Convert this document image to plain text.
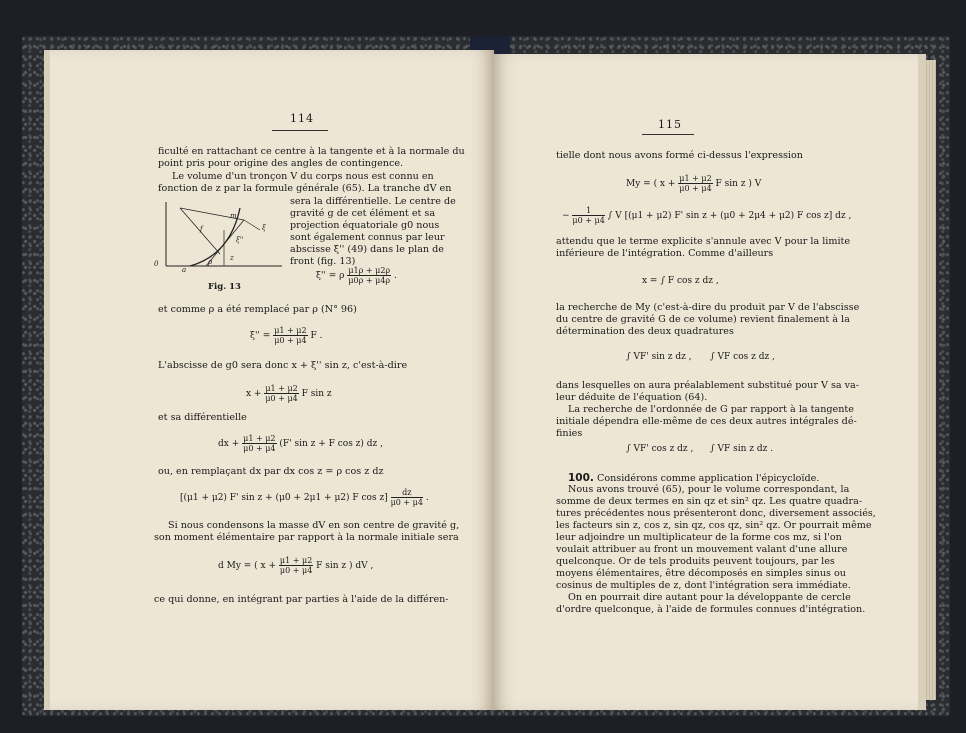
114
ficulté en rattachant ce centre à la tangente et à la normale du
point pris pour origine des angles de contingence.
Le volume d'un tronçon V du corps nous est connu en
fonction de z par la formule générale (65). La tranche dV en
sera la différentielle. Le centre de
gravité g de cet élément et sa
projection équatoriale g0 nous
sont également connus par leur
abscisse ξ'' (49) dans le plan de
front (fig. 13)
0
a
f
m
ξ
ξ''
z
ρ
Fig. 13
ξ'' = ρ $\frac{\mu 1\rho + \mu 2\rho}{\mu 0\rho + \mu 4\rho}$ .
et comme ρ a été remplacé par ρ (N° 96)
$\xi'' = \frac{\mu 1 + \mu 2}{\mu 0 + \mu 4}$ F .
L'abscisse de g0 sera donc x + ξ'' sin z, c'est-à-dire
$x + \frac{\mu 1 + \mu 2}{\mu 0 + \mu 4}$ F sin z
et sa différentielle
dx + $\frac{\mu 1 + \mu 2}{\mu 0 + \mu 4} (F'$ sin z + F cos z) dz ,
ou, en remplaçant dx par dx cos z = ρ cos z dz
[(μ1 + μ2) F' sin z + (μ0 + 2μ1 + μ2) F $\cos z] \frac{dz}{\mu 0 + \mu 4}$ .
Si nous condensons la masse dV en son centre de gravité g,
son moment élémentaire par rapport à la normale initiale sera
d My = ( $x + \frac{\mu 1 + \mu 2}{\mu 0 + \mu 4}$ F sin z ) dV ,
ce qui donne, en intégrant par parties à l'aide de la différen-
115
tielle dont nous avons formé ci-dessus l'expression
My = ( $x + \frac{\mu 1 + \mu 2}{\mu 0 + \mu 4}$ F sin z ) V
− $\frac{1}{\mu 0 + \mu 4}$ ∫ V [(μ1 + μ2) F' sin z + (μ0 + 2μ4 + μ2) F cos z] dz ,
attendu que le terme explicite s'annule avec V pour la limite
inférieure de l'intégration. Comme d'ailleurs
x = ∫ F cos z dz ,
la recherche de My (c'est-à-dire du produit par V de l'abscisse
du centre de gravité G de ce volume) revient finalement à la
détermination des deux quadratures
∫ VF' sin z dz , ∫ VF cos z dz ,
dans lesquelles on aura préalablement substitué pour V sa va-
leur déduite de l'équation (64).
La recherche de l'ordonnée de G par rapport à la tangente
initiale dépendra elle-même de ces deux autres intégrales dé-
finies
∫ VF' cos z dz , ∫ VF sin z dz .
100. Considérons comme application l'épicycloïde.
Nous avons trouvé (65), pour le volume correspondant, la
somme de deux termes en sin qz et sin² qz. Les quatre quadra-
tures précédentes nous présenteront donc, diversement associés,
les facteurs sin z, cos z, sin qz, cos qz, sin² qz. Or pourrait même
leur adjoindre un multiplicateur de la forme cos mz, si l'on
voulait attribuer au front un mouvement valant d'une allure
quelconque. Or de tels produits peuvent toujours, par les
moyens élémentaires, être décomposés en simples sinus ou
cosinus de multiples de z, dont l'intégration sera immédiate.
On en pourrait dire autant pour la développante de cercle
d'ordre quelconque, à l'aide de formules connues d'intégration.
